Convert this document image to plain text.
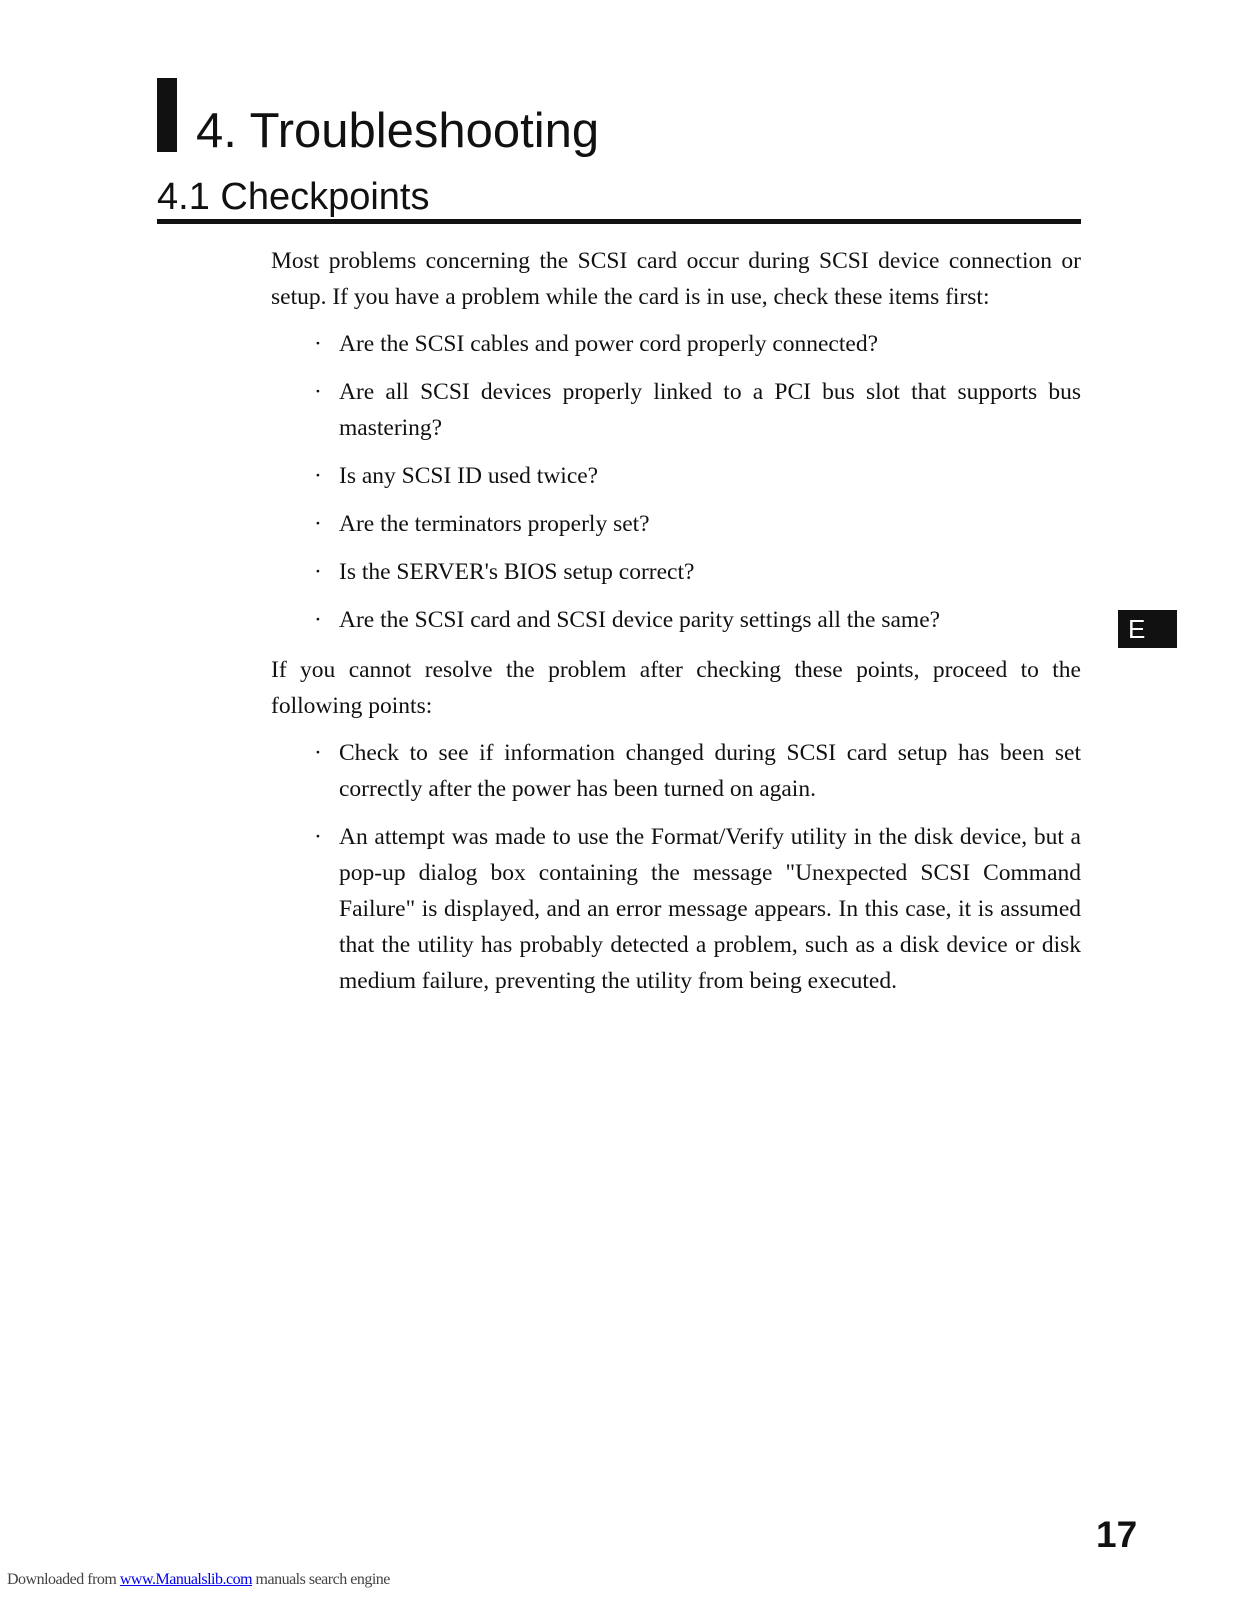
4. Troubleshooting
4.1 Checkpoints

Most problems concerning the SCSI card occur during SCSI device connection or setup. If you have a problem while the card is in use, check these items first:

· Are the SCSI cables and power cord properly connected?
· Are all SCSI devices properly linked to a PCI bus slot that supports bus mastering?
· Is any SCSI ID used twice?
· Are the terminators properly set?
· Is the SERVER's BIOS setup correct?
· Are the SCSI card and SCSI device parity settings all the same?

If you cannot resolve the problem after checking these points, proceed to the following points:

· Check to see if information changed during SCSI card setup has been set correctly after the power has been turned on again.
· An attempt was made to use the Format/Verify utility in the disk device, but a pop-up dialog box containing the message "Unexpected SCSI Command Failure" is displayed, and an error message appears. In this case, it is assumed that the utility has probably detected a problem, such as a disk device or disk medium failure, preventing the utility from being executed.
E
17
Downloaded from www.Manualslib.com manuals search engine
